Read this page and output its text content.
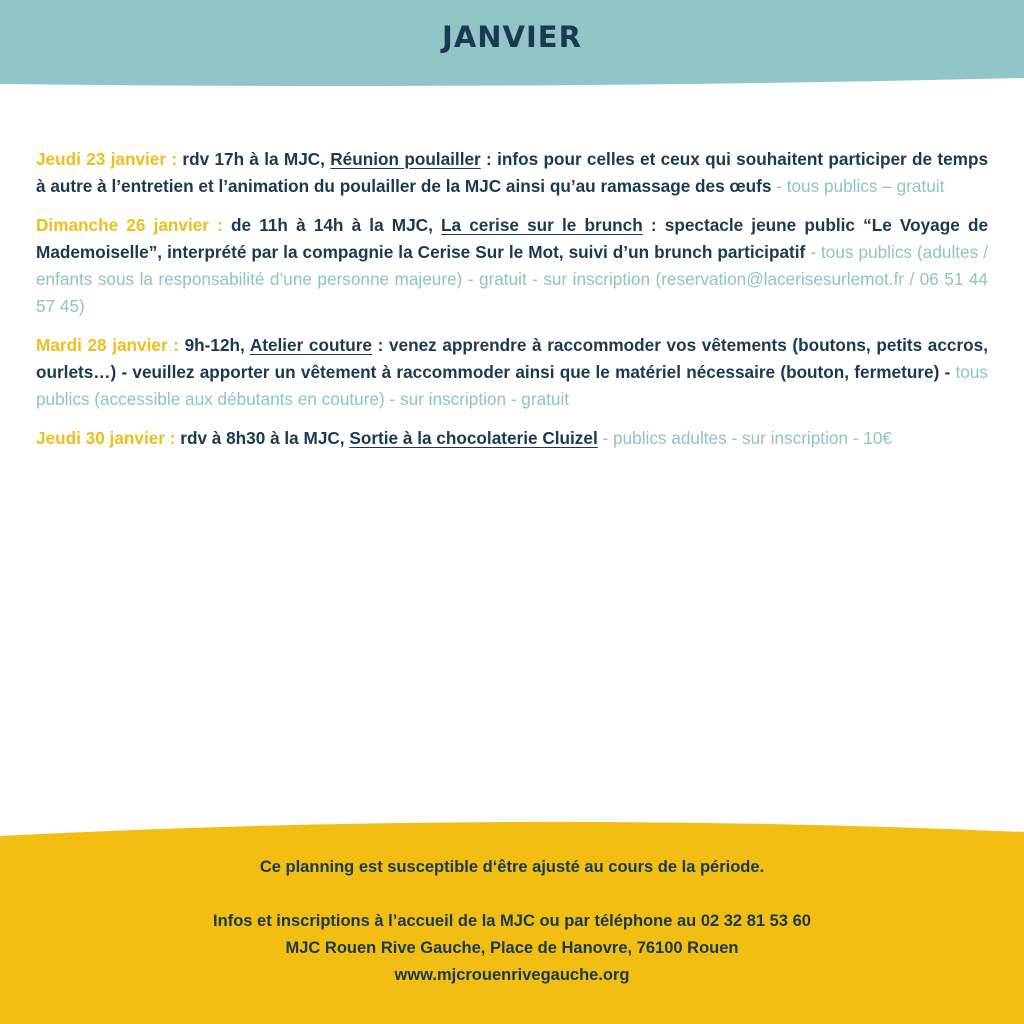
JANVIER

Jeudi 23 janvier : rdv 17h à la MJC, Réunion poulailler : infos pour celles et ceux qui souhaitent participer de temps à autre à l’entretien et l’animation du poulailler de la MJC ainsi qu’au ramassage des œufs - tous publics – gratuit

Dimanche 26 janvier : de 11h à 14h à la MJC, La cerise sur le brunch : spectacle jeune public “Le Voyage de Mademoiselle”, interprété par la compagnie la Cerise Sur le Mot, suivi d’un brunch participatif - tous publics (adultes / enfants sous la responsabilité d’une personne majeure) - gratuit - sur inscription (reservation@lacerisesurlemot.fr / 06 51 44 57 45)

Mardi 28 janvier : 9h-12h, Atelier couture : venez apprendre à raccommoder vos vêtements (boutons, petits accros, ourlets…) - veuillez apporter un vêtement à raccommoder ainsi que le matériel nécessaire (bouton, fermeture) - tous publics (accessible aux débutants en couture) - sur inscription - gratuit

Jeudi 30 janvier : rdv à 8h30 à la MJC, Sortie à la chocolaterie Cluizel - publics adultes - sur inscription - 10€

Ce planning est susceptible d‘être ajusté au cours de la période.
Infos et inscriptions à l’accueil de la MJC ou par téléphone au 02 32 81 53 60
MJC Rouen Rive Gauche, Place de Hanovre, 76100 Rouen
www.mjcrouenrivegauche.org
